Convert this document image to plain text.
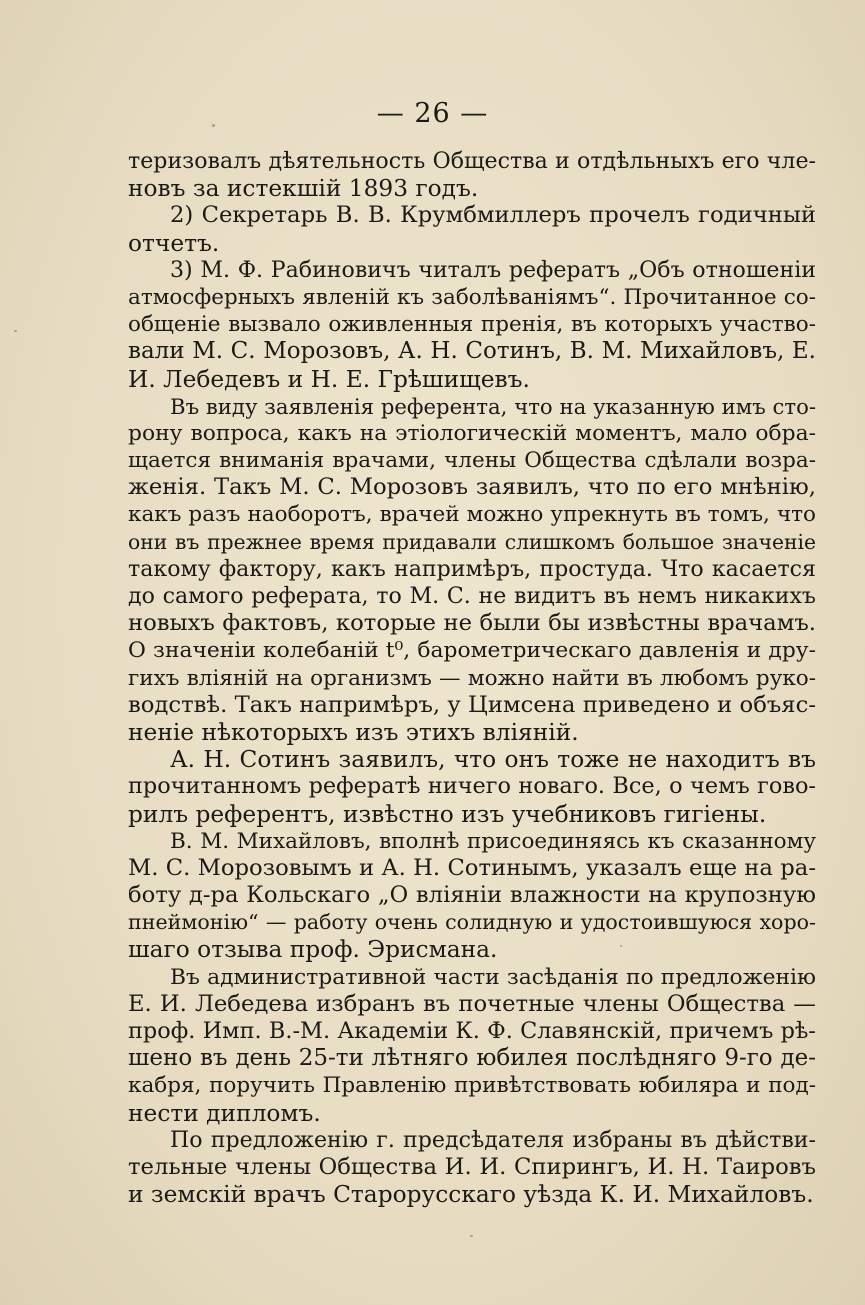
— 26 —
теризовалъ дѣятельность Общества и отдѣльныхъ его чле-
новъ за истекшій 1893 годъ.
2) Секретарь В. В. Крумбмиллеръ прочелъ годичный
отчетъ.
3) М. Ф. Рабиновичъ читалъ рефератъ „Объ отношеніи
атмосферныхъ явленій къ заболѣваніямъ“. Прочитанное со-
общеніе вызвало оживленныя пренія, въ которыхъ участво-
вали М. С. Морозовъ, А. Н. Сотинъ, В. М. Михайловъ, Е.
И. Лебедевъ и Н. Е. Грѣшищевъ.
Въ виду заявленія референта, что на указанную имъ сто-
рону вопроса, какъ на этіологическій моментъ, мало обра-
щается вниманія врачами, члены Общества сдѣлали возра-
женія. Такъ М. С. Морозовъ заявилъ, что по его мнѣнію,
какъ разъ наоборотъ, врачей можно упрекнуть въ томъ, что
они въ прежнее время придавали слишкомъ большое значеніе
такому фактору, какъ напримѣръ, простуда. Что касается
до самого реферата, то М. С. не видитъ въ немъ никакихъ
новыхъ фактовъ, которые не были бы извѣстны врачамъ.
О значеніи колебаній t⁰, барометрическаго давленія и дру-
гихъ вліяній на организмъ — можно найти въ любомъ руко-
водствѣ. Такъ напримѣръ, у Цимсена приведено и объяс-
неніе нѣкоторыхъ изъ этихъ вліяній.
А. Н. Сотинъ заявилъ, что онъ тоже не находитъ въ
прочитанномъ рефератѣ ничего новаго. Все, о чемъ гово-
рилъ референтъ, извѣстно изъ учебниковъ гигіены.
В. М. Михайловъ, вполнѣ присоединяясь къ сказанному
М. С. Морозовымъ и А. Н. Сотинымъ, указалъ еще на ра-
боту д-ра Кольскаго „О вліяніи влажности на крупозную
пнеймонію“ — работу очень солидную и удостоившуюся хоро-
шаго отзыва проф. Эрисмана.
Въ административной части засѣданія по предложенію
Е. И. Лебедева избранъ въ почетные члены Общества —
проф. Имп. В.-М. Академіи К. Ф. Славянскій, причемъ рѣ-
шено въ день 25-ти лѣтняго юбилея послѣдняго 9-го де-
кабря, поручить Правленію привѣтствовать юбиляра и под-
нести дипломъ.
По предложенію г. предсѣдателя избраны въ дѣйстви-
тельные члены Общества И. И. Спирингъ, И. Н. Таировъ
и земскій врачъ Старорусскаго уѣзда К. И. Михайловъ.
